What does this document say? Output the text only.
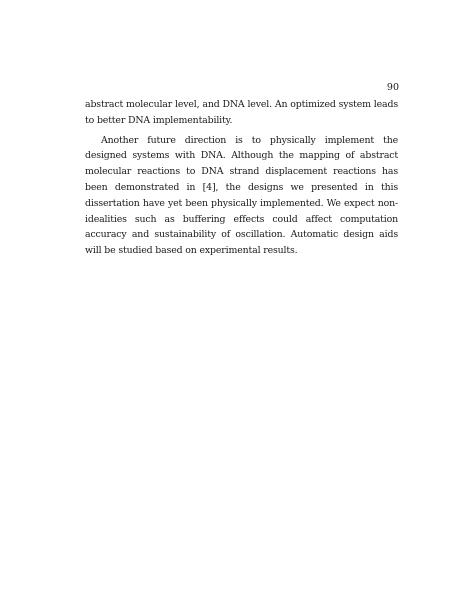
90

abstract molecular level, and DNA level. An optimized system leads to better DNA implementability.

Another future direction is to physically implement the designed systems with DNA. Although the mapping of abstract molecular reactions to DNA strand displacement reactions has been demonstrated in [4], the designs we presented in this dissertation have yet been physically implemented. We expect non-idealities such as buffering effects could affect computation accuracy and sustainability of oscillation. Automatic design aids will be studied based on experimental results.
